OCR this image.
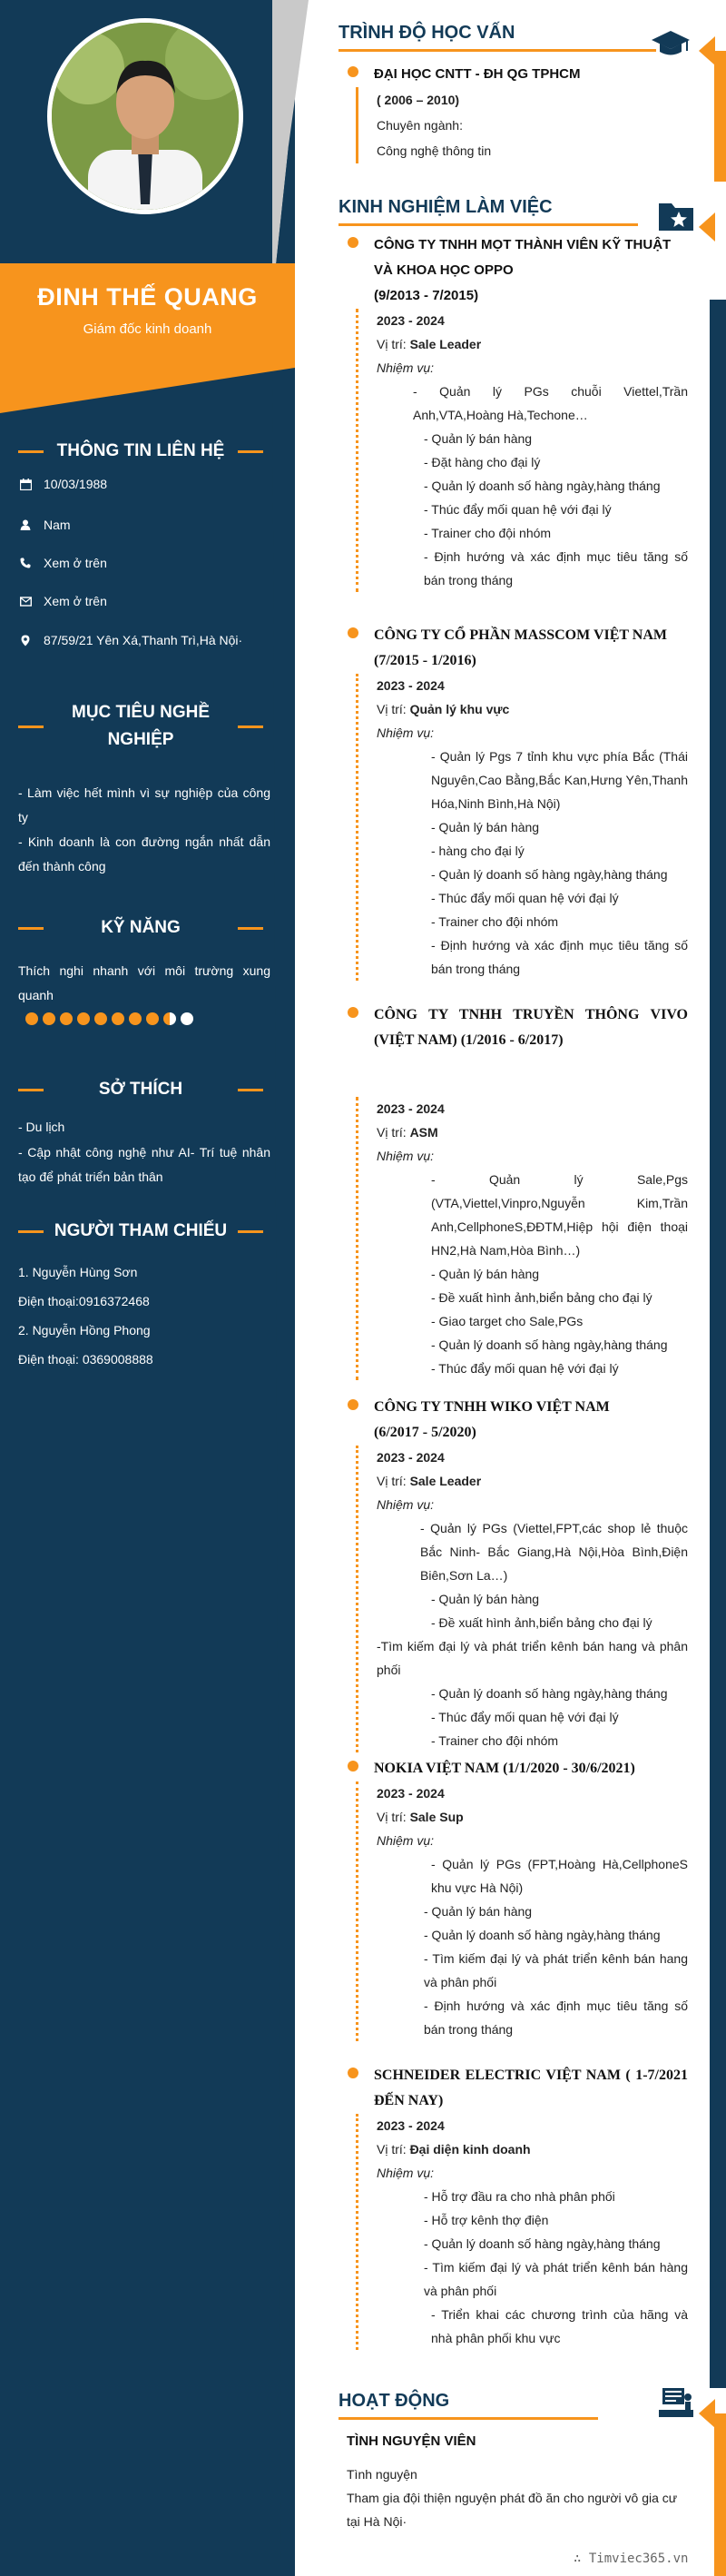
ĐINH THẾ QUANG
Giám đốc kinh doanh
THÔNG TIN LIÊN HỆ
10/03/1988
Nam
Xem ở trên
Xem ở trên
87/59/21 Yên Xá,Thanh Trì,Hà Nội·
MỤC TIÊU NGHỀ
NGHIỆP
- Làm việc hết mình vì sự nghiệp của công ty
- Kinh doanh là con đường ngắn nhất dẫn đến thành công
KỸ NĂNG
Thích nghi nhanh với môi trường xung quanh
SỞ THÍCH
- Du lịch
- Cập nhật công nghệ như AI- Trí tuệ nhân tạo để phát triển bản thân
NGƯỜI THAM CHIẾU
1. Nguyễn Hùng Sơn
Điện thoại:0916372468
2. Nguyễn Hồng Phong
Điện thoại: 0369008888
TRÌNH ĐỘ HỌC VẤN
ĐẠI HỌC CNTT - ĐH QG TPHCM
( 2006 – 2010)
Chuyên ngành:
Công nghệ thông tin
KINH NGHIỆM LÀM VIỆC
CÔNG TY TNHH MỌT THÀNH VIÊN KỸ THUẬT VÀ KHOA HỌC OPPO
(9/2013 - 7/2015)
2023 - 2024
Vị trí: Sale Leader
Nhiệm vụ:
- Quản lý PGs chuỗi Viettel,Trần Anh,VTA,Hoàng Hà,Techone…
- Quản lý bán hàng
- Đặt hàng cho đại lý
- Quản lý doanh số hàng ngày,hàng tháng
- Thúc đẩy mối quan hệ với đại lý
- Trainer cho đội nhóm
- Định hướng và xác định mục tiêu tăng số bán trong tháng
CÔNG TY CỔ PHẦN MASSCOM VIỆT NAM
(7/2015 - 1/2016)
2023 - 2024
Vị trí: Quản lý khu vực
Nhiệm vụ:
- Quản lý Pgs 7 tỉnh khu vực phía Bắc (Thái Nguyên,Cao Bằng,Bắc Kan,Hưng Yên,Thanh Hóa,Ninh Bình,Hà Nội)
- Quản lý bán hàng
- hàng cho đại lý
- Quản lý doanh số hàng ngày,hàng tháng
- Thúc đẩy mối quan hệ với đại lý
- Trainer cho đội nhóm
- Định hướng và xác định mục tiêu tăng số bán trong tháng
CÔNG TY TNHH TRUYỀN THÔNG VIVO (VIỆT NAM) (1/2016 - 6/2017)
2023 - 2024
Vị trí: ASM
Nhiệm vụ:
- Quản lý Sale,Pgs (VTA,Viettel,Vinpro,Nguyễn Kim,Trần Anh,CellphoneS,ĐĐTM,Hiệp hội điện thoại HN2,Hà Nam,Hòa Bình…)
- Quản lý bán hàng
- Đề xuất hình ảnh,biển bảng cho đại lý
- Giao target cho Sale,PGs
- Quản lý doanh số hàng ngày,hàng tháng
- Thúc đẩy mối quan hệ với đại lý
CÔNG TY TNHH WIKO VIỆT NAM
(6/2017 - 5/2020)
2023 - 2024
Vị trí: Sale Leader
Nhiệm vụ:
- Quản lý PGs (Viettel,FPT,các shop lẻ thuộc Bắc Ninh- Bắc Giang,Hà Nội,Hòa Bình,Điện Biên,Sơn La…)
- Quản lý bán hàng
- Đề xuất hình ảnh,biển bảng cho đại lý
-Tìm kiếm đại lý và phát triển kênh bán hang và phân phối
- Quản lý doanh số hàng ngày,hàng tháng
- Thúc đẩy mối quan hệ với đại lý
- Trainer cho đội nhóm
NOKIA VIỆT NAM (1/1/2020 - 30/6/2021)
2023 - 2024
Vị trí: Sale Sup
Nhiệm vụ:
- Quản lý PGs (FPT,Hoàng Hà,CellphoneS khu vực Hà Nội)
- Quản lý bán hàng
- Quản lý doanh số hàng ngày,hàng tháng
- Tìm kiếm đại lý và phát triển kênh bán hang và phân phối
- Định hướng và xác định mục tiêu tăng số bán trong tháng
SCHNEIDER ELECTRIC VIỆT NAM ( 1-7/2021 ĐẾN NAY)
2023 - 2024
Vị trí: Đại diện kinh doanh
Nhiệm vụ:
- Hỗ trợ đầu ra cho nhà phân phối
- Hỗ trợ kênh thợ điện
- Quản lý doanh số hàng ngày,hàng tháng
- Tìm kiếm đại lý và phát triển kênh bán hàng và phân phối
- Triển khai các chương trình của hãng và nhà phân phối khu vực
HOẠT ĐỘNG
TÌNH NGUYỆN VIÊN
Tình nguyện
Tham gia đội thiện nguyện phát đồ ăn cho người vô gia cư tại Hà Nội·
∴ Timviec365.vn
